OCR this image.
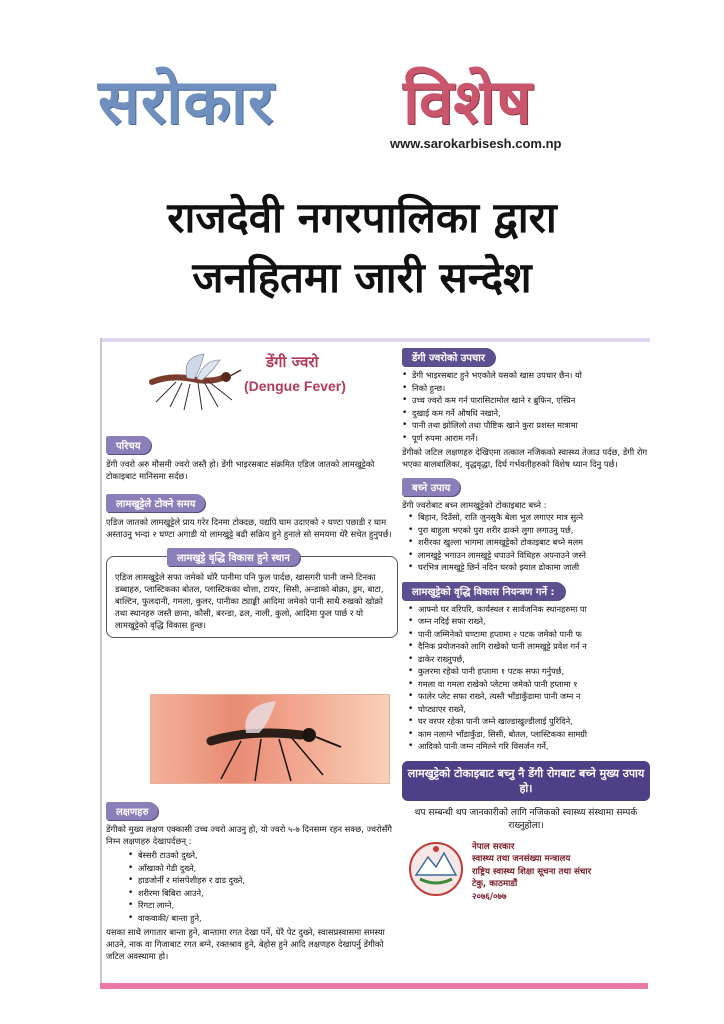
सरोकार विशेष
www.sarokarbisesh.com.np
राजदेवी नगरपालिका द्वारा
जनहितमा जारी सन्देश
डेंगी ज्वरो
(Dengue Fever)
परिचय

डेंगी ज्वरो अरु मौसमी ज्वरो जस्तै हो। डेंगी भाइरसबाट संक्रमित एडिज जातको लामखुट्टेको टोकाइबाट मानिसमा सर्दछ।

लामखुट्टेले टोक्ने समय

एडिज जातको लामखुट्टेले प्राय गरेर दिनमा टोक्दछ, यद्यपि घाम उदाएको २ घण्टा पछाडी र घाम अस्ताउनु भन्दा २ घण्टा अगाडी यो लामखुट्टे बढी सक्रिय हुने हुनाले सो समयमा धेरै सचेत हुनुपर्छ।

लामखुट्टे वृद्धि विकास हुने स्थान

एडिज लामखुट्टेले सफा जमेको थोरै पानीमा पनि फुल पार्दछ, खासगरी पानी जम्ने टिनका डब्बाहरु, प्लास्टिकका बोतल, प्लास्टिकका थोत्ता, टायर, सिसी, अन्डाको बोक्रा, ड्रम, बाटा, बाल्टिन, फुलदानी, गमला, कुलर, पानीका ट्याङ्की आदिमा जमेको पानी साथै रुखको खोक्रो तथा स्थानहरु जस्तै छाना, कौसी, बरन्डा, ढल, नाली, कुलो, आदिमा फुल पार्छ र यो लामखुट्टेको वृद्धि विकास हुन्छ।

लक्षणहरु

डेंगीको मुख्य लक्षण एक्कासी उच्च ज्वरो आउनु हो, यो ज्वरो ५-७ दिनसम्म रहन सक्छ, ज्वरोसँगै निम्न लक्षणहरु देखापर्दछन् :

• बेस्सरी टाउको दुख्ने,
• आँखाको गेडी दुख्ने,
• हाडजोर्नी र मांसपेशीहरु र ढाड दुख्ने,
• शरीरमा बिबिरा आउने,
• रिंगटा लाग्ने,
• वाकवाकी/ बान्ता हुने,

यसका साथै लगातार बान्ता हुने, बान्तामा रगत देखा पर्ने, धेरै पेट दुख्ने, स्वासप्रस्वासमा समस्या आउने, नाक वा गिजाबाट रगत बग्ने, रक्तश्राव हुने, बेहोस हुने आदि लक्षणहरु देखापर्नु डेंगीको जटिल अवस्थामा हो।

डेंगी ज्वरोको उपचार
• डेंगी भाइरसबाट हुने भएकोले यसको खास उपचार छैन। यो
• निको हुन्छ।
• उच्च ज्वरो कम गर्न पारासिटामोल खाने र ब्रुफिन, एस्प्रिन
• दुखाई कम गर्ने औषधि नखाने,
• पानी तथा झोलिलो तथा पौष्टिक खाने कुरा प्रशस्त मात्रामा
• पूर्ण रुपमा आराम गर्ने।

डेंगीको जटिल लक्षणहरु देखिएमा तत्काल नजिकको स्वास्थ्य तेजाउ पर्दछ, डेंगी रोग भएका बालबालिका, वृद्धवृद्धा, दिर्घ गर्भवतीहरुको विशेष ध्यान दिनु पर्छ।

बच्ने उपाय

डेंगी ज्वरोबाट बच्न लामखुट्टेको टोकाइबाट बच्ने :

• बिहान, दिउँसो, राति जुनसुकै बेला भुल लगाएर मात्र सुत्ने
• पुरा बाहुला भएको पुरा शरीर ढाक्ने लुगा लगाउनु पर्छ,
• शरीरका खुल्ला भागमा लामखुट्टेको टोकाइबाट बच्ने मलम
• लामखुट्टे भगाउन लामखुट्टे धपाउने विधिहरु अपनाउने जस्ने
• घरभित्र लामखुट्टे छिर्न नदिन घरको झ्याल ढोकामा जाली
लामखुट्टेको वृद्धि विकास नियन्त्रण गर्ने :
• आफ्नो घर वरिपरि, कार्यस्थल र सार्वजनिक स्थानहरुमा पा
• जम्न नदिई सफा राख्ने,
• पानी जम्मिनेको घण्टामा हप्तामा २ पटक जमेको पानी फ
• दैनिक प्रयोजनको लागि राखेको पानी लामखुट्टे प्रवेश गर्न न
• ढाकेर राख्नुपर्छ,
• कुलरमा रहेको पानी हप्तामा १ पटक सफा गर्नुपर्छ,
• गमला वा गमला राखेको प्लेटमा जमेको पानी हप्तामा १
• फालेर प्लेट सफा राख्ने, त्यस्तै भाँडाकुँडामा पानी जम्न न
• घोप्ट्याएर राख्ने,
• घर वरपर रहेका पानी जम्ने खाल्डाखुल्डीलाई पुरिदिने,
• काम नलाग्ने भाँडाकुँडा, सिसी, बोतल, प्लास्टिकका सामग्री
• आदिको पानी जम्न नमिल्ने गरि विसर्जन गर्ने,
लामखुट्टेको टोकाइबाट बच्नु नै डेंगी रोगबाट बच्ने मुख्य उपाय हो।

थप सम्बन्धी थप जानकारीको लागि नजिकको स्वास्थ्य संस्थामा सम्पर्क राख्नुहोला।

नेपाल सरकार
स्वास्थ्य तथा जनसंख्या मन्त्रालय
राष्ट्रिय स्वास्थ्य शिक्षा सूचना तथा संचार
टेकु, काठमाडौं
२०७६/०७७
